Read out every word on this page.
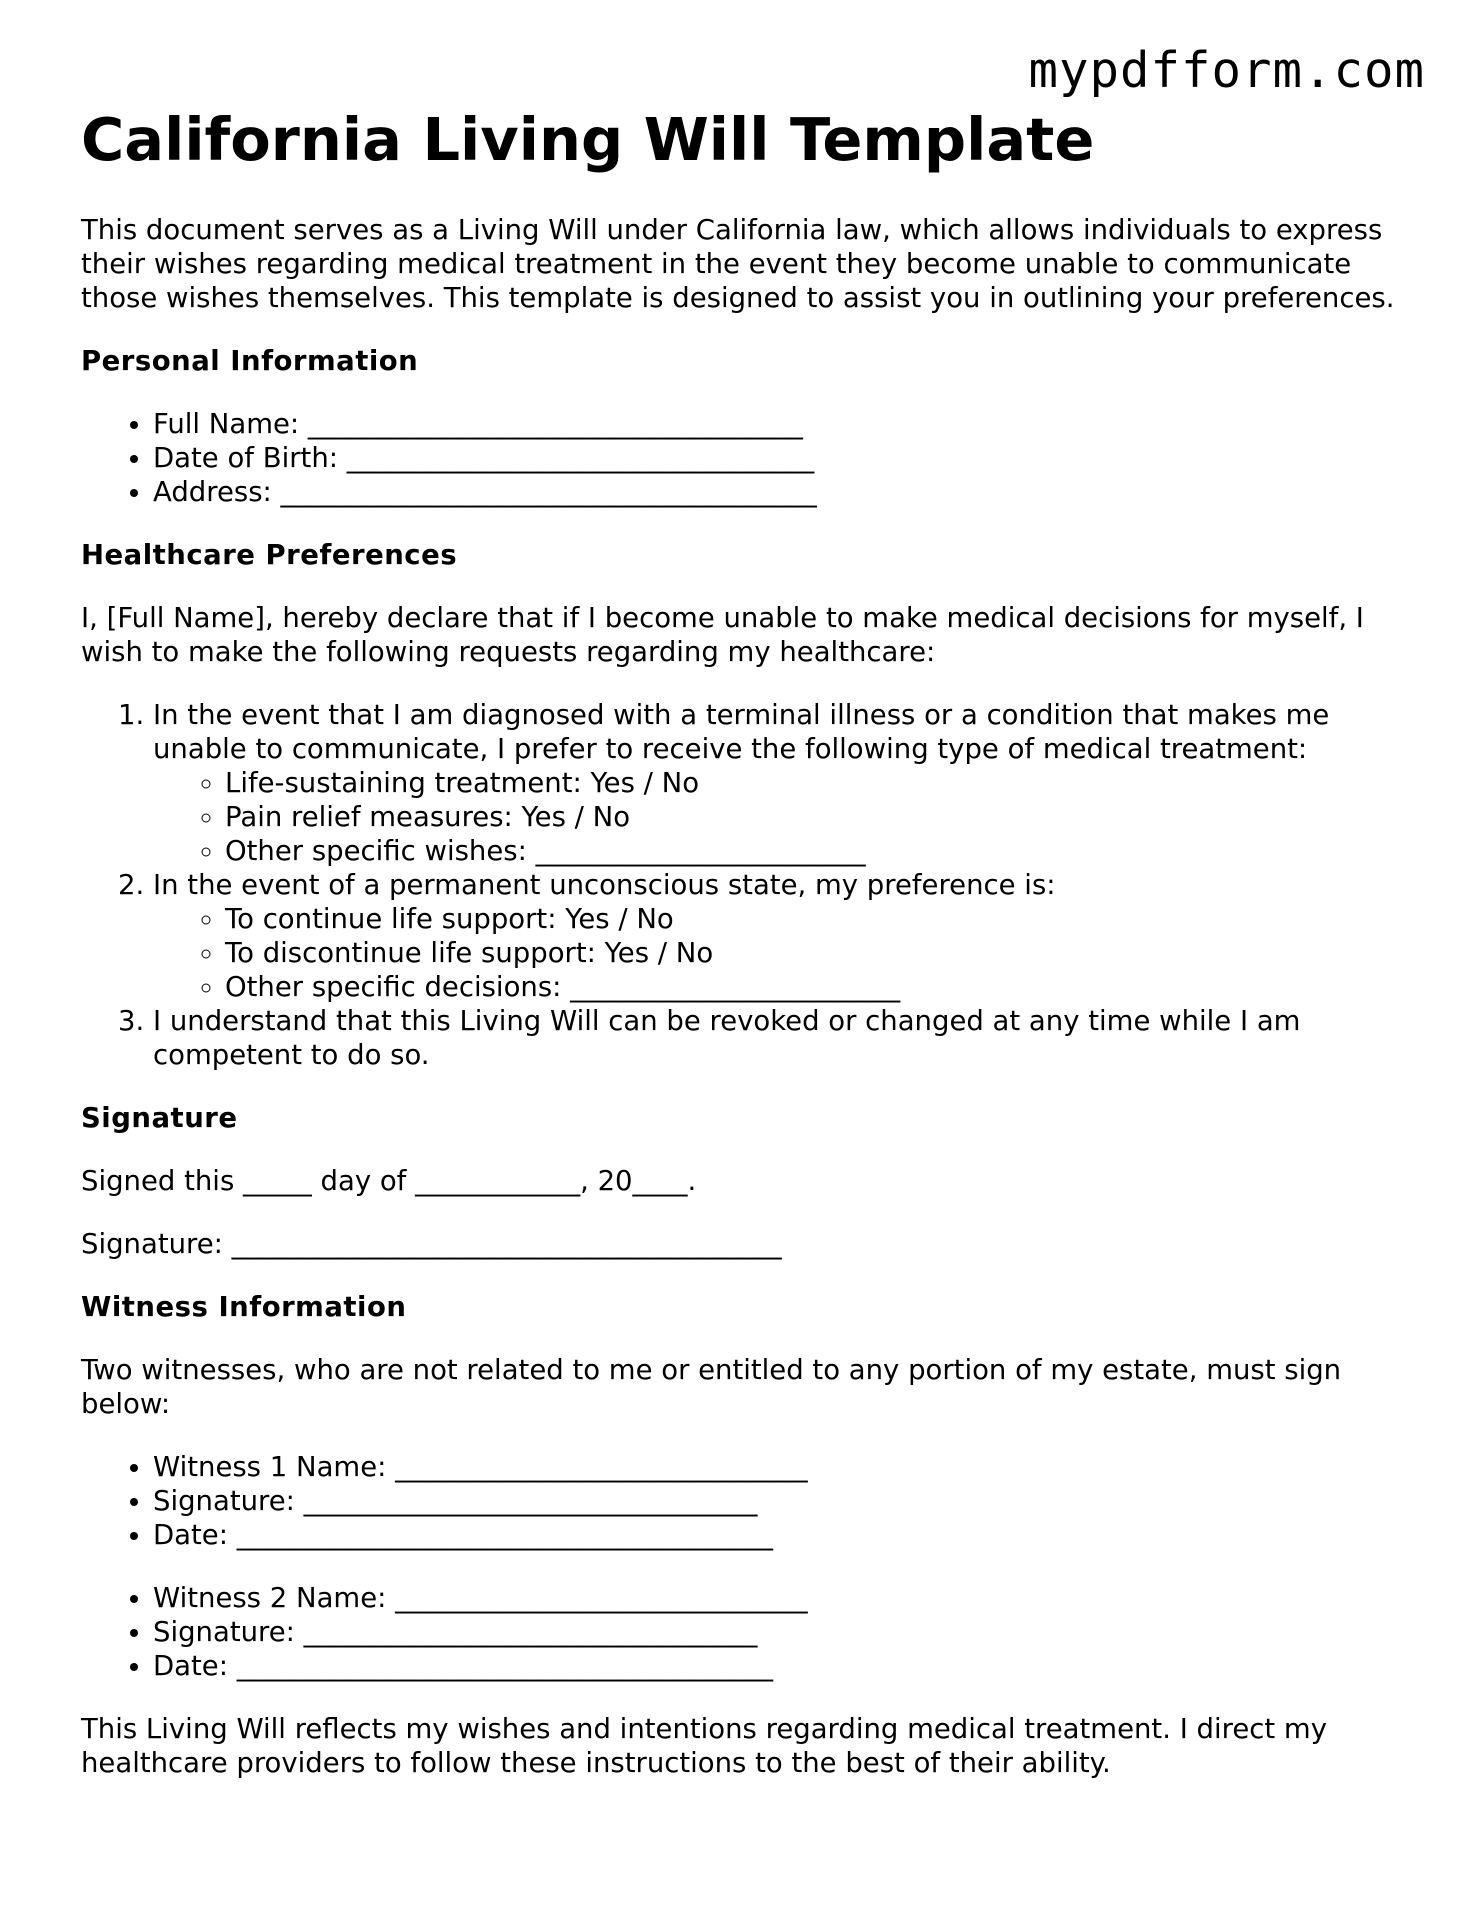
mypdfform.com
California Living Will Template

This document serves as a Living Will under California law, which allows individuals to express their wishes regarding medical treatment in the event they become unable to communicate those wishes themselves. This template is designed to assist you in outlining your preferences.

Personal Information
• Full Name: ____________________________________
• Date of Birth: __________________________________
• Address: _______________________________________
Healthcare Preferences

I, [Full Name], hereby declare that if I become unable to make medical decisions for myself, I wish to make the following requests regarding my healthcare:

1. In the event that I am diagnosed with a terminal illness or a condition that makes me unable to communicate, I prefer to receive the following type of medical treatment:
◦ Life-sustaining treatment: Yes / No
◦ Pain relief measures: Yes / No
◦ Other specific wishes: ________________________
2. In the event of a permanent unconscious state, my preference is:
◦ To continue life support: Yes / No
◦ To discontinue life support: Yes / No
◦ Other specific decisions: ________________________
3. I understand that this Living Will can be revoked or changed at any time while I am competent to do so.
Signature

Signed this _____ day of ____________, 20____.

Signature: ________________________________________

Witness Information

Two witnesses, who are not related to me or entitled to any portion of my estate, must sign below:

• Witness 1 Name: ______________________________
• Signature: _________________________________
• Date: _______________________________________
• Witness 2 Name: ______________________________
• Signature: _________________________________
• Date: _______________________________________

This Living Will reflects my wishes and intentions regarding medical treatment. I direct my healthcare providers to follow these instructions to the best of their ability.
